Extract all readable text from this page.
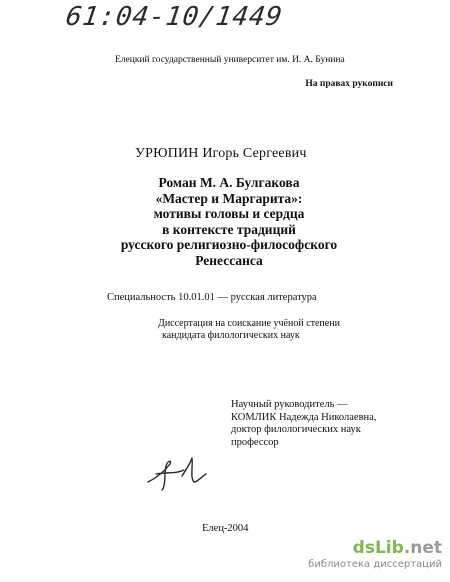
61:04-10/1449
Елецкий государственный университет им. И. А. Бунина
На правах рукописи
УРЮПИН Игорь Сергеевич
Роман М. А. Булгакова
«Мастер и Маргарита»:
мотивы головы и сердца
в контексте традиций
русского религиозно-философского
Ренессанса
Специальность 10.01.01 — русская литература
Диссертация на соискание учёной степени
кандидата филологических наук
Научный руководитель —
КОМЛИК Надежда Николаевна,
доктор филологических наук
профессор
Елец-2004
dsLib.net
библиотека диссертаций
